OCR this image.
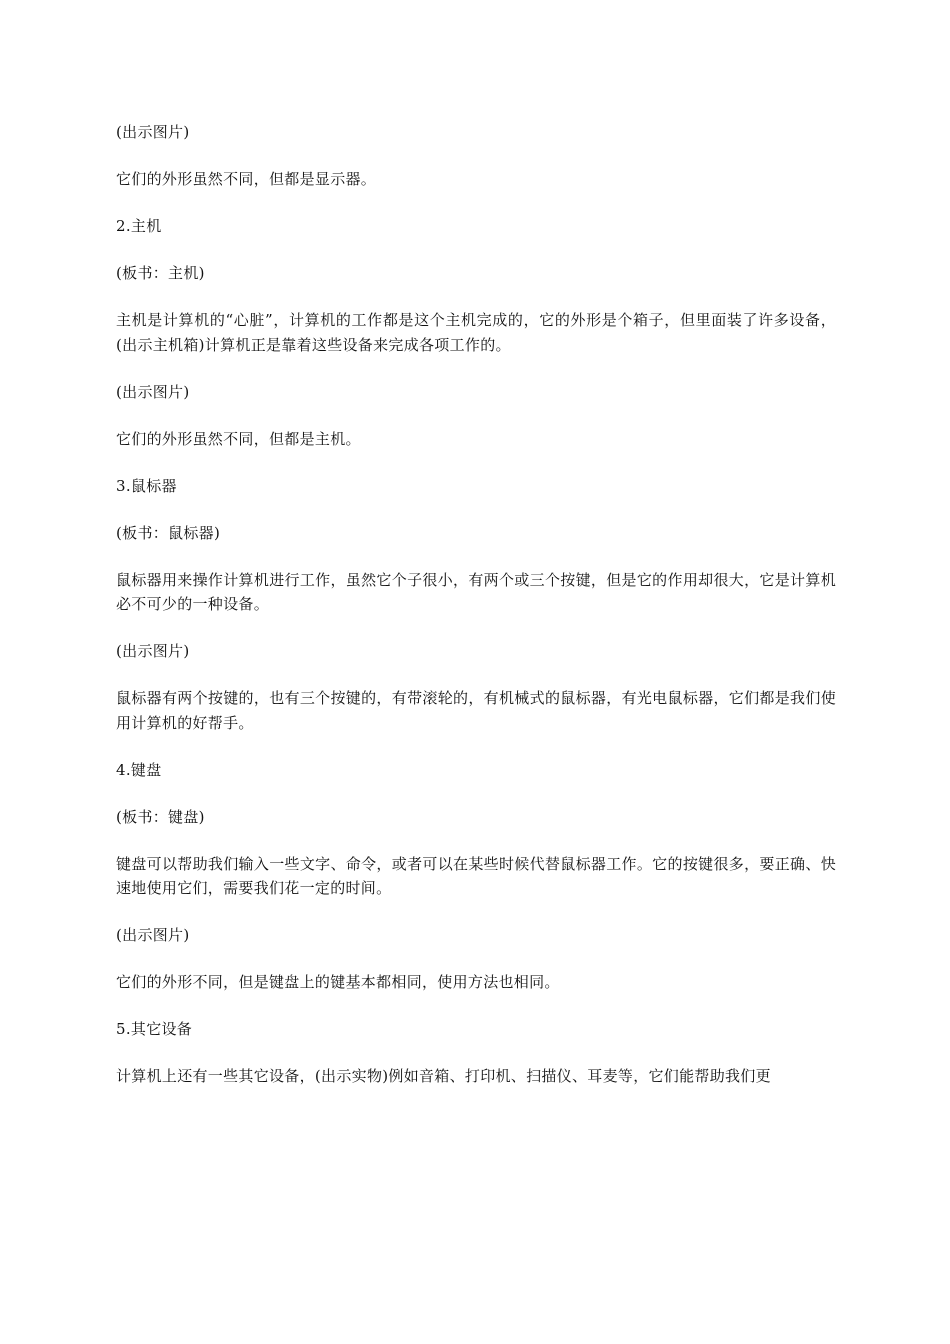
(出示图片)

它们的外形虽然不同，但都是显示器。

2.主机

(板书：主机)

主机是计算机的“心脏”，计算机的工作都是这个主机完成的，它的外形是个箱子，但里面装了许多设备，(出示主机箱)计算机正是靠着这些设备来完成各项工作的。

(出示图片)

它们的外形虽然不同，但都是主机。

3.鼠标器

(板书：鼠标器)

鼠标器用来操作计算机进行工作，虽然它个子很小，有两个或三个按键，但是它的作用却很大，它是计算机必不可少的一种设备。

(出示图片)

鼠标器有两个按键的，也有三个按键的，有带滚轮的，有机械式的鼠标器，有光电鼠标器，它们都是我们使用计算机的好帮手。

4.键盘

(板书：键盘)

键盘可以帮助我们输入一些文字、命令，或者可以在某些时候代替鼠标器工作。它的按键很多，要正确、快速地使用它们，需要我们花一定的时间。

(出示图片)

它们的外形不同，但是键盘上的键基本都相同，使用方法也相同。

5.其它设备

计算机上还有一些其它设备，(出示实物)例如音箱、打印机、扫描仪、耳麦等，它们能帮助我们更
